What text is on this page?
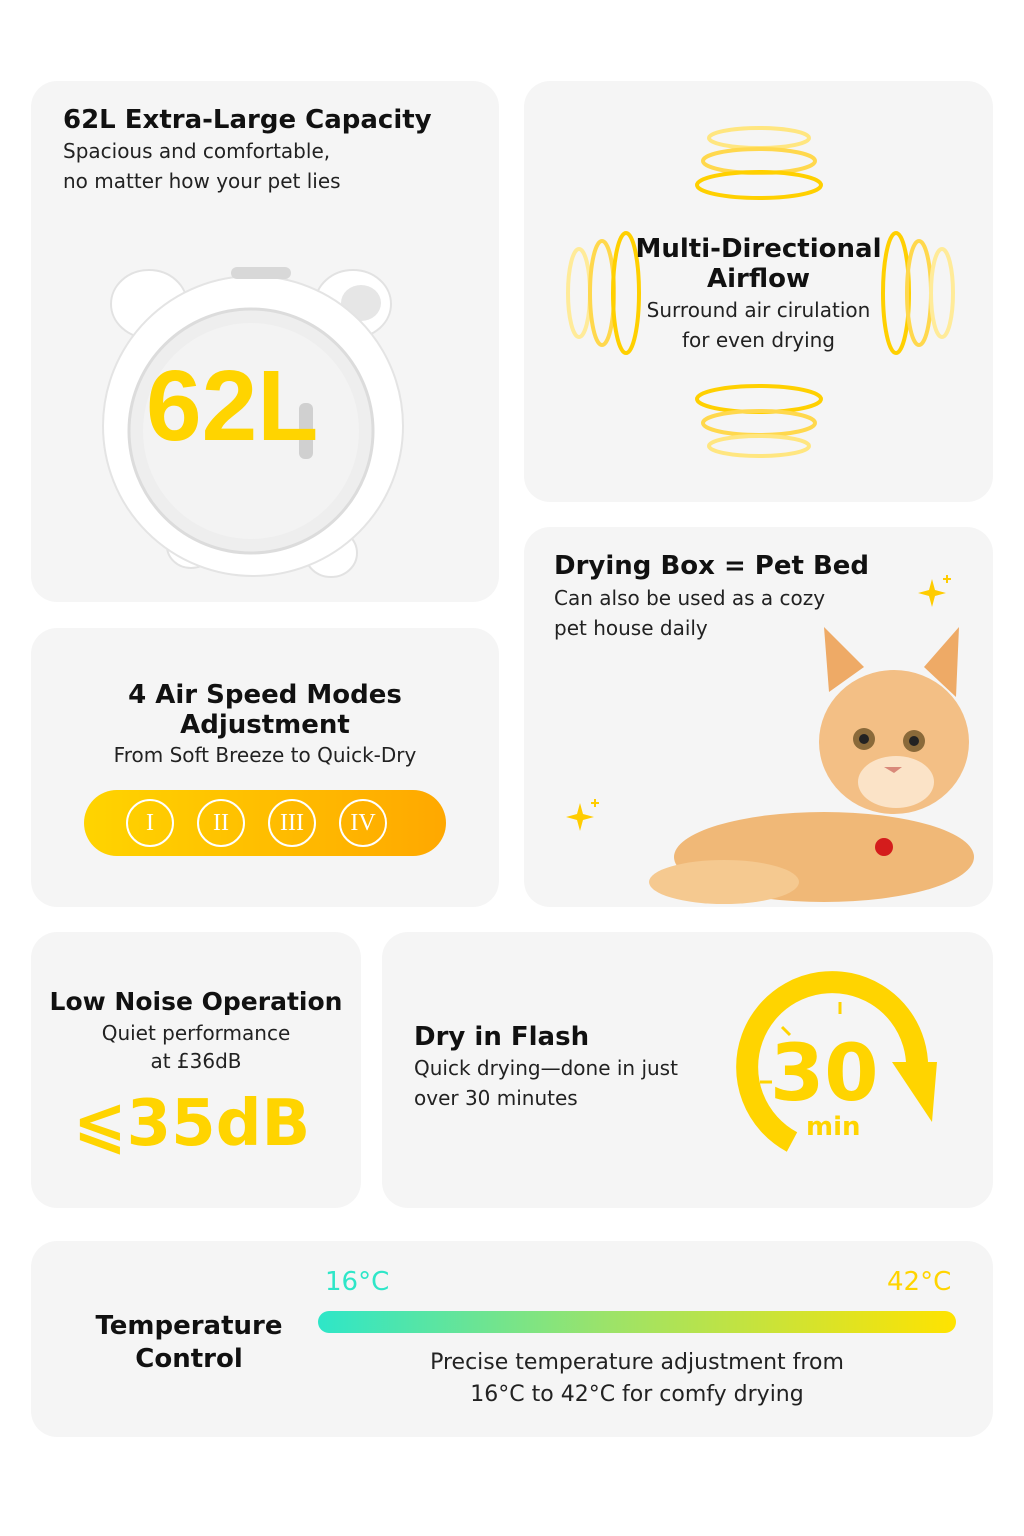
62L Extra-Large Capacity
Spacious and comfortable,
no matter how your pet lies
62L
Multi-Directional
Airflow
Surround air cirulation
for even drying
Drying Box = Pet Bed
Can also be used as a cozy
pet house daily
4 Air Speed Modes
Adjustment
From Soft Breeze to Quick-Dry
I II III IV
Low Noise Operation
Quiet performance
at £36dB
⩽35dB
Dry in Flash
Quick drying—done in just
over 30 minutes 30
min
Temperature
Control
16°C	42°C
Precise temperature adjustment from
16°C to 42°C for comfy drying
